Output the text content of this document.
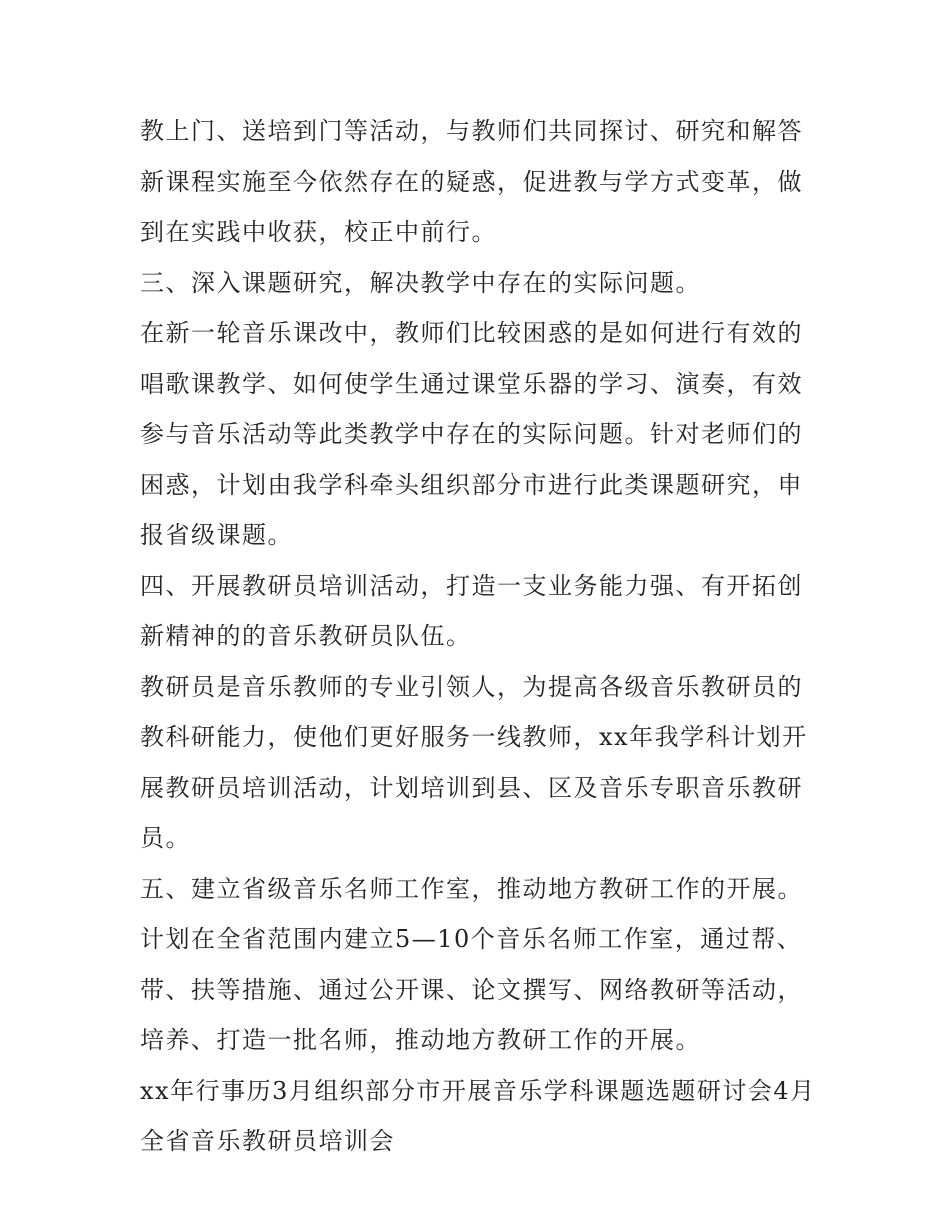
教上门、送培到门等活动，与教师们共同探讨、研究和解答新课程实施至今依然存在的疑惑，促进教与学方式变革，做到在实践中收获，校正中前行。

三、深入课题研究，解决教学中存在的实际问题。

在新一轮音乐课改中，教师们比较困惑的是如何进行有效的唱歌课教学、如何使学生通过课堂乐器的学习、演奏，有效参与音乐活动等此类教学中存在的实际问题。针对老师们的困惑，计划由我学科牵头组织部分市进行此类课题研究，申报省级课题。

四、开展教研员培训活动，打造一支业务能力强、有开拓创新精神的的音乐教研员队伍。

教研员是音乐教师的专业引领人，为提高各级音乐教研员的教科研能力，使他们更好服务一线教师，xx年我学科计划开展教研员培训活动，计划培训到县、区及音乐专职音乐教研员。

五、建立省级音乐名师工作室，推动地方教研工作的开展。

计划在全省范围内建立5—10个音乐名师工作室，通过帮、带、扶等措施、通过公开课、论文撰写、网络教研等活动，培养、打造一批名师，推动地方教研工作的开展。

xx年行事历3月组织部分市开展音乐学科课题选题研讨会4月全省音乐教研员培训会
